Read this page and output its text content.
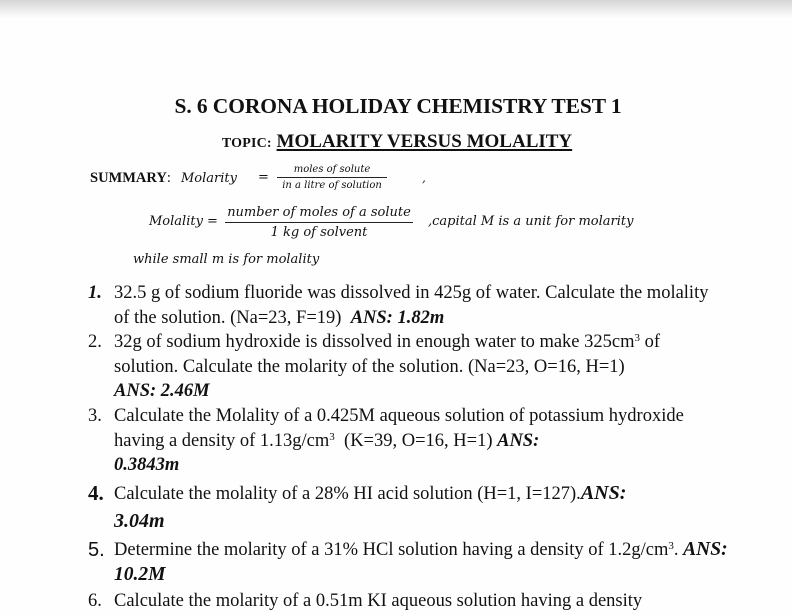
S. 6 CORONA HOLIDAY CHEMISTRY TEST 1
TOPIC: MOLARITY VERSUS MOLALITY
SUMMARY: Molarity =
moles of solute
in a litre of solution
,
Molality =
number of moles of a solute
1 kg of solvent
,capital M is a unit for molarity
while small m is for molality
1. 32.5 g of sodium fluoride was dissolved in 425g of water. Calculate the molality of the solution. (Na=23, F=19) ANS: 1.82m
2. 32g of sodium hydroxide is dissolved in enough water to make $325cm^3$ of solution. Calculate the molarity of the solution. (Na=23, O=16, H=1)
ANS: 2.46M
3. Calculate the Molality of a 0.425M aqueous solution of potassium hydroxide having a density of $1.13g/cm^3$  (K=39, O=16, H=1) ANS:
0.3843m
4. Calculate the molality of a 28% HI acid solution (H=1, I=127).ANS:
3.04m
5. Determine the molarity of a 31% HCl solution having a density of $1.2g/cm^3$. ANS: 10.2M
6. Calculate the molarity of a 0.51m KI aqueous solution having a density
